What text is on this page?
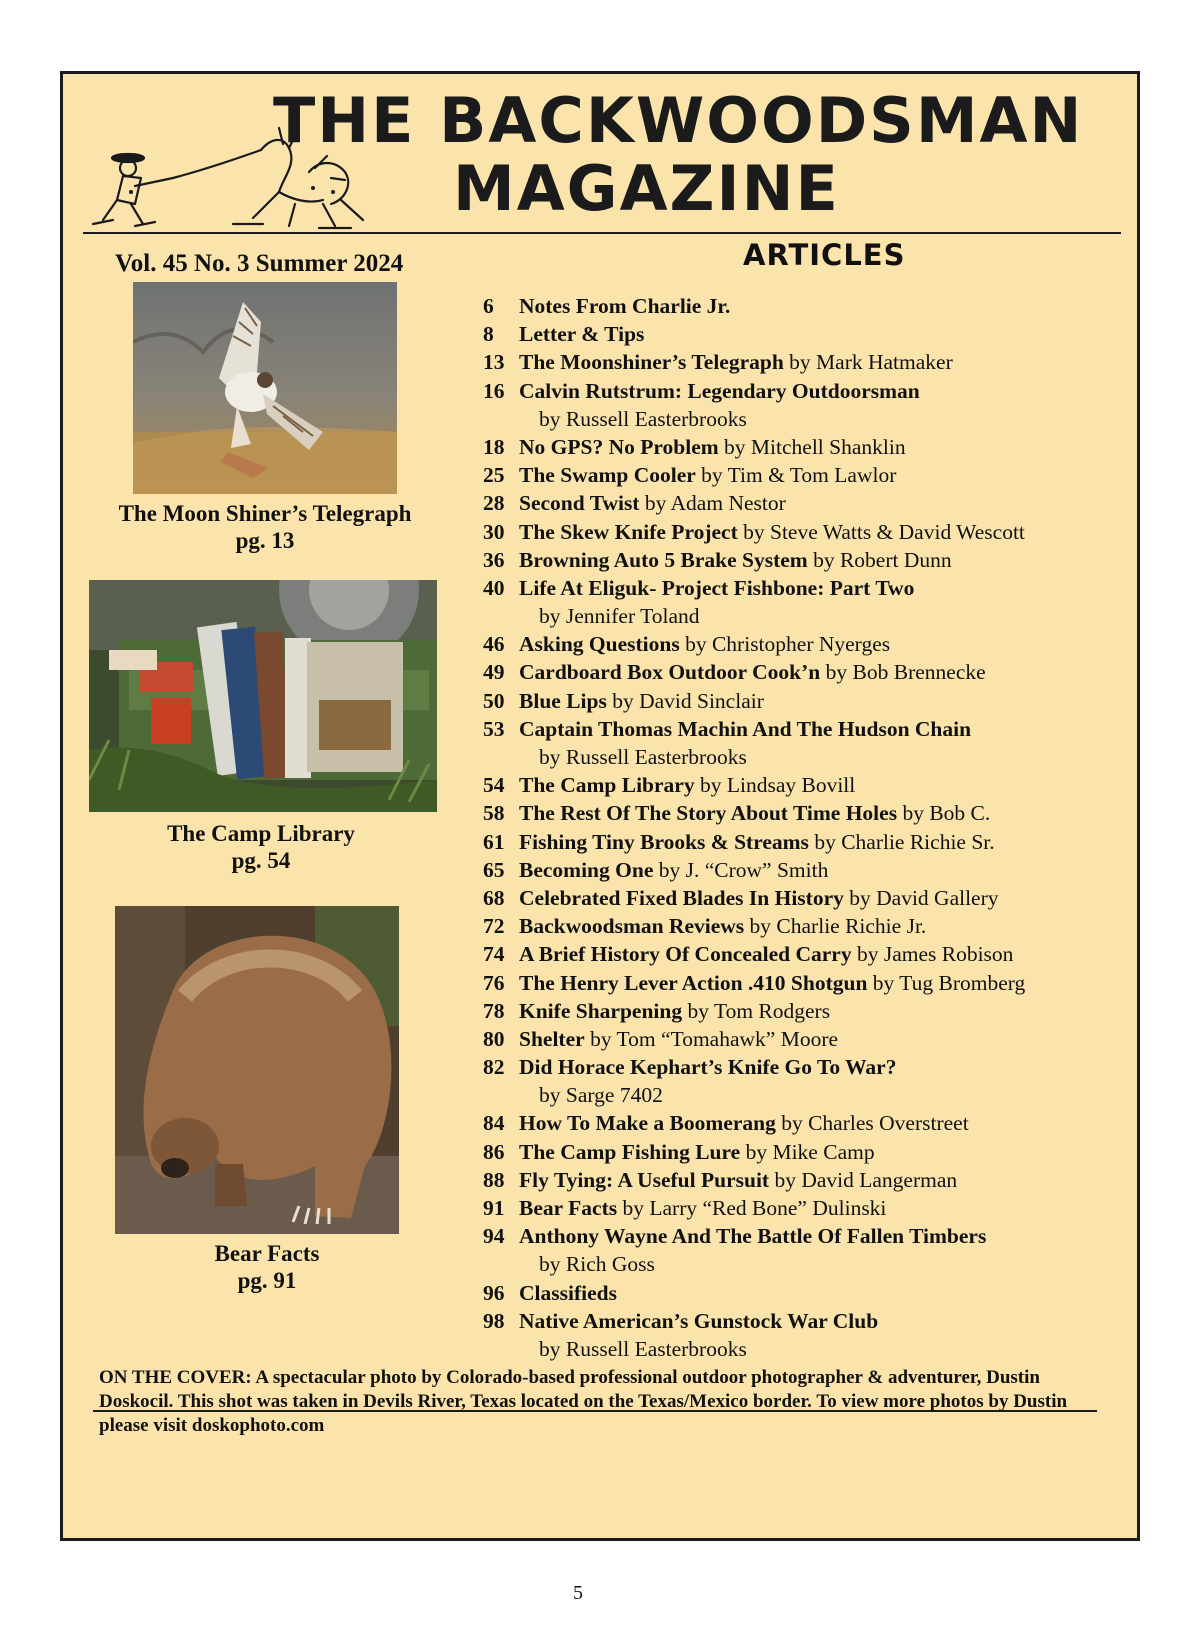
THE BACKWOODSMAN
MAGAZINE
Vol. 45 No. 3 Summer 2024	ARTICLES
The Moon Shiner’s Telegraph
pg. 13
The Camp Library
pg. 54
Bear Facts
pg. 91
6 Notes From Charlie Jr.
8 Letter & Tips
13 The Moonshiner’s Telegraph by Mark Hatmaker
16 Calvin Rutstrum: Legendary Outdoorsman
by Russell Easterbrooks
18 No GPS? No Problem by Mitchell Shanklin
25 The Swamp Cooler by Tim & Tom Lawlor
28 Second Twist by Adam Nestor
30 The Skew Knife Project by Steve Watts & David Wescott
36 Browning Auto 5 Brake System by Robert Dunn
40 Life At Eliguk- Project Fishbone: Part Two
by Jennifer Toland
46 Asking Questions by Christopher Nyerges
49 Cardboard Box Outdoor Cook’n by Bob Brennecke
50 Blue Lips by David Sinclair
53 Captain Thomas Machin And The Hudson Chain
by Russell Easterbrooks
54 The Camp Library by Lindsay Bovill
58 The Rest Of The Story About Time Holes by Bob C.
61 Fishing Tiny Brooks & Streams by Charlie Richie Sr.
65 Becoming One by J. “Crow” Smith
68 Celebrated Fixed Blades In History by David Gallery
72 Backwoodsman Reviews by Charlie Richie Jr.
74 A Brief History Of Concealed Carry by James Robison
76 The Henry Lever Action .410 Shotgun by Tug Bromberg
78 Knife Sharpening by Tom Rodgers
80 Shelter by Tom “Tomahawk” Moore
82 Did Horace Kephart’s Knife Go To War?
by Sarge 7402
84 How To Make a Boomerang by Charles Overstreet
86 The Camp Fishing Lure by Mike Camp
88 Fly Tying: A Useful Pursuit by David Langerman
91 Bear Facts by Larry “Red Bone” Dulinski
94 Anthony Wayne And The Battle Of Fallen Timbers
by Rich Goss
96 Classifieds
98 Native American’s Gunstock War Club
by Russell Easterbrooks
ON THE COVER: A spectacular photo by Colorado-based professional outdoor photographer & adventurer, Dustin Doskocil. This shot was taken in Devils River, Texas located on the Texas/Mexico border. To view more photos by Dustin please visit doskophoto.com
5
